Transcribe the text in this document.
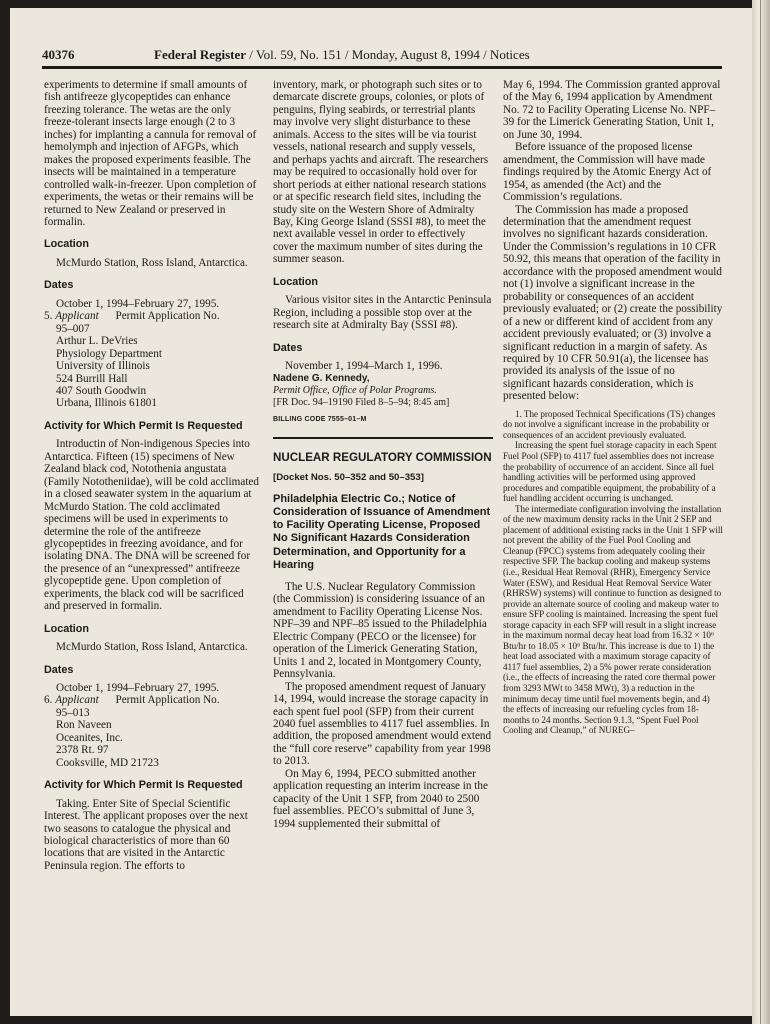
40376	Federal Register / Vol. 59, No. 151 / Monday, August 8, 1994 / Notices

experiments to determine if small amounts of fish antifreeze glycopeptides can enhance freezing tolerance. The wetas are the only freeze-tolerant insects large enough (2 to 3 inches) for implanting a cannula for removal of hemolymph and injection of AFGPs, which makes the proposed experiments feasible. The insects will be maintained in a temperature controlled walk-in-freezer. Upon completion of experiments, the wetas or their remains will be returned to New Zealand or preserved in formalin.

Location

McMurdo Station, Ross Island, Antarctica.

Dates

October 1, 1994–February 27, 1995.

5. Applicant Permit Application No.

95–007
Arthur L. DeVries
Physiology Department
University of Illinois
524 Burrill Hall
407 South Goodwin
Urbana, Illinois 61801

Activity for Which Permit Is Requested

Introductin of Non-indigenous Species into Antarctica. Fifteen (15) specimens of New Zealand black cod, Notothenia angustata (Family Nototheniidae), will be cold acclimated in a closed seawater system in the aquarium at McMurdo Station. The cold acclimated specimens will be used in experiments to determine the role of the antifreeze glycopeptides in freezing avoidance, and for isolating DNA. The DNA will be screened for the presence of an “unexpressed” antifreeze glycopeptide gene. Upon completion of experiments, the black cod will be sacrificed and preserved in formalin.

Location

McMurdo Station, Ross Island, Antarctica.

Dates

October 1, 1994–February 27, 1995.

6. Applicant Permit Application No.

95–013
Ron Naveen
Oceanites, Inc.
2378 Rt. 97
Cooksville, MD 21723

Activity for Which Permit Is Requested

Taking. Enter Site of Special Scientific Interest. The applicant proposes over the next two seasons to catalogue the physical and biological characteristics of more than 60 locations that are visited in the Antarctic Peninsula region. The efforts to

inventory, mark, or photograph such sites or to demarcate discrete groups, colonies, or plots of penguins, flying seabirds, or terrestrial plants may involve very slight disturbance to these animals. Access to the sites will be via tourist vessels, national research and supply vessels, and perhaps yachts and aircraft. The researchers may be required to occasionally hold over for short periods at either national research stations or at specific research field sites, including the study site on the Western Shore of Admiralty Bay, King George Island (SSSI #8), to meet the next available vessel in order to effectively cover the maximum number of sites during the summer season.

Location

Various visitor sites in the Antarctic Peninsula Region, including a possible stop over at the research site at Admiralty Bay (SSSI #8).

Dates

November 1, 1994–March 1, 1996.

Nadene G. Kennedy,

Permit Office, Office of Polar Programs.

[FR Doc. 94–19190 Filed 8–5–94; 8:45 am]

BILLING CODE 7555–01–M

NUCLEAR REGULATORY COMMISSION

[Docket Nos. 50–352 and 50–353]

Philadelphia Electric Co.; Notice of Consideration of Issuance of Amendment to Facility Operating License, Proposed No Significant Hazards Consideration Determination, and Opportunity for a Hearing

The U.S. Nuclear Regulatory Commission (the Commission) is considering issuance of an amendment to Facility Operating License Nos. NPF–39 and NPF–85 issued to the Philadelphia Electric Company (PECO or the licensee) for operation of the Limerick Generating Station, Units 1 and 2, located in Montgomery County, Pennsylvania.

The proposed amendment request of January 14, 1994, would increase the storage capacity in each spent fuel pool (SFP) from their current 2040 fuel assemblies to 4117 fuel assemblies. In addition, the proposed amendment would extend the “full core reserve” capability from year 1998 to 2013.

On May 6, 1994, PECO submitted another application requesting an interim increase in the capacity of the Unit 1 SFP, from 2040 to 2500 fuel assemblies. PECO’s submittal of June 3, 1994 supplemented their submittal of

May 6, 1994. The Commission granted approval of the May 6, 1994 application by Amendment No. 72 to Facility Operating License No. NPF–39 for the Limerick Generating Station, Unit 1, on June 30, 1994.

Before issuance of the proposed license amendment, the Commission will have made findings required by the Atomic Energy Act of 1954, as amended (the Act) and the Commission’s regulations.

The Commission has made a proposed determination that the amendment request involves no significant hazards consideration. Under the Commission’s regulations in 10 CFR 50.92, this means that operation of the facility in accordance with the proposed amendment would not (1) involve a significant increase in the probability or consequences of an accident previously evaluated; or (2) create the possibility of a new or different kind of accident from any accident previously evaluated; or (3) involve a significant reduction in a margin of safety. As required by 10 CFR 50.91(a), the licensee has provided its analysis of the issue of no significant hazards consideration, which is presented below:

1. The proposed Technical Specifications (TS) changes do not involve a significant increase in the probability or consequences of an accident previously evaluated.

Increasing the spent fuel storage capacity in each Spent Fuel Pool (SFP) to 4117 fuel assemblies does not increase the probability of occurrence of an accident. Since all fuel handling activities will be performed using approved procedures and compatible equipment, the probability of a fuel handling accident occurring is unchanged.

The intermediate configuration involving the installation of the new maximum density racks in the Unit 2 SEP and placement of additional existing racks in the Unit 1 SFP will not prevent the ability of the Fuel Pool Cooling and Cleanup (FPCC) systems from adequately cooling their respective SFP. The backup cooling and makeup systems (i.e., Residual Heat Removal (RHR), Emergency Service Water (ESW), and Residual Heat Removal Service Water (RHRSW) systems) will continue to function as designed to provide an alternate source of cooling and makeup water to ensure SFP cooling is maintained. Increasing the spent fuel storage capacity in each SFP will result in a slight increase in the maximum normal decay heat load from 16.32 × 10⁶ Btu/hr to 18.05 × 10⁶ Btu/hr. This increase is due to 1) the heat load associated with a maximum storage capacity of 4117 fuel assemblies, 2) a 5% power rerate consideration (i.e., the effects of increasing the rated core thermal power from 3293 MWt to 3458 MWt), 3) a reduction in the minimum decay time until fuel movements begin, and 4) the effects of increasing our refueling cycles from 18-months to 24 months. Section 9.1.3, “Spent Fuel Pool Cooling and Cleanup,” of NUREG–
